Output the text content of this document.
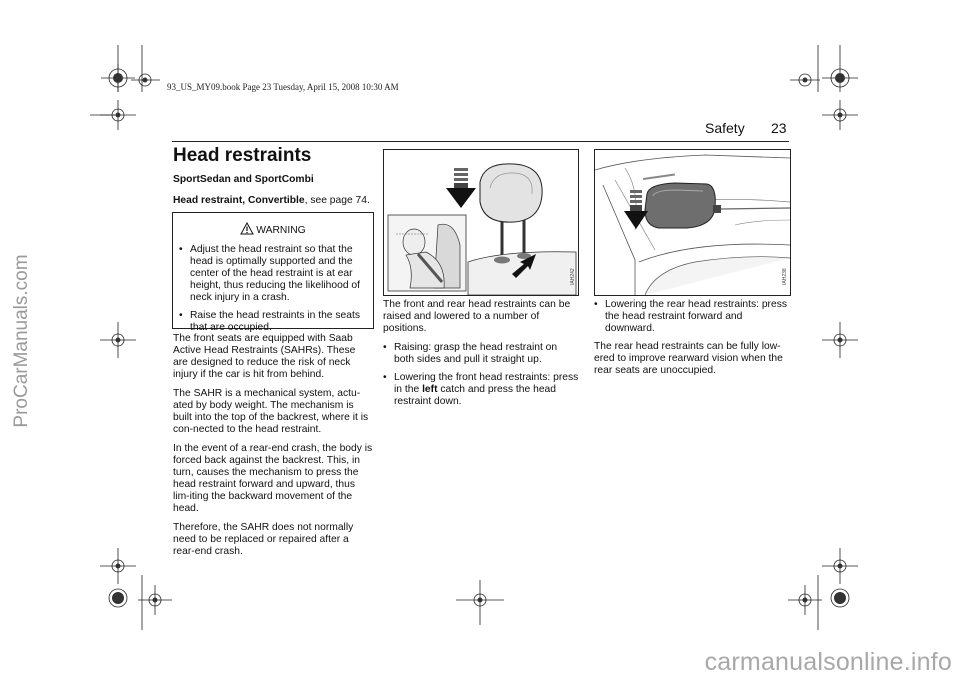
ProCarManuals.com
carmanualsonline.info
93_US_MY09.book Page 23 Tuesday, April 15, 2008 10:30 AM
Safety 23
Head restraints

SportSedan and SportCombi

Head restraint, Convertible, see page 74.

WARNING
• Adjust the head restraint so that the head is optimally supported and the center of the head restraint is at ear height, thus reducing the likelihood of neck injury in a crash.
• Raise the head restraints in the seats that are occupied.

The front seats are equipped with Saab Active Head Restraints (SAHRs). These are designed to reduce the risk of neck injury if the car is hit from behind.

The SAHR is a mechanical system, actu-ated by body weight. The mechanism is built into the top of the backrest, where it is con-nected to the head restraint.

In the event of a rear-end crash, the body is forced back against the backrest. This, in turn, causes the mechanism to press the head restraint forward and upward, thus lim-iting the backward movement of the head.

Therefore, the SAHR does not normally need to be replaced or repaired after a rear-end crash.

IAH242

The front and rear head restraints can be raised and lowered to a number of positions.

• Raising: grasp the head restraint on both sides and pull it straight up.
• Lowering the front head restraints: press in the left catch and press the head restraint down.
IAH238
• Lowering the rear head restraints: press the head restraint forward and downward.

The rear head restraints can be fully low-ered to improve rearward vision when the rear seats are unoccupied.
